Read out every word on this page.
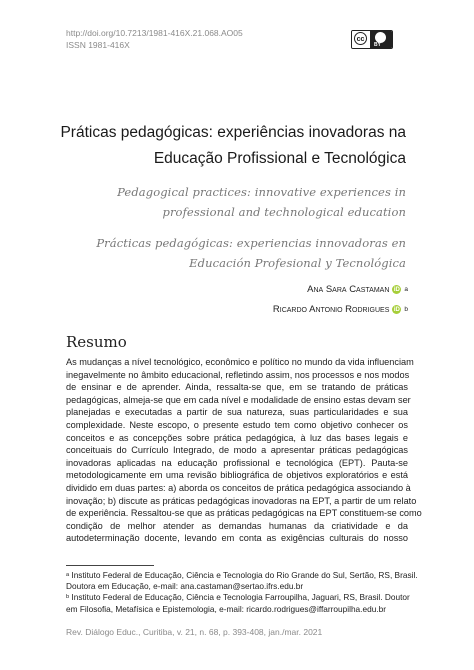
http://doi.org/10.7213/1981-416X.21.068.AO05
ISSN 1981-416X
cc
BY
Práticas pedagógicas: experiências inovadoras na
Educação Profissional e Tecnológica
Pedagogical practices: innovative experiences in
professional and technological education
Prácticas pedagógicas: experiencias innovadoras en
Educación Profesional y Tecnológica
Ana Sara Castaman iD a
Ricardo Antonio Rodrigues iD b
Resumo
As mudanças a nível tecnológico, econômico e político no mundo da vida influenciam
inegavelmente no âmbito educacional, refletindo assim, nos processos e nos modos
de ensinar e de aprender. Ainda, ressalta-se que, em se tratando de práticas
pedagógicas, almeja-se que em cada nível e modalidade de ensino estas devam ser
planejadas e executadas a partir de sua natureza, suas particularidades e sua
complexidade. Neste escopo, o presente estudo tem como objetivo conhecer os
conceitos e as concepções sobre prática pedagógica, à luz das bases legais e
conceituais do Currículo Integrado, de modo a apresentar práticas pedagógicas
inovadoras aplicadas na educação profissional e tecnológica (EPT). Pauta-se
metodologicamente em uma revisão bibliográfica de objetivos exploratórios e está
dividido em duas partes: a) aborda os conceitos de prática pedagógica associando à
inovação; b) discute as práticas pedagógicas inovadoras na EPT, a partir de um relato
de experiência. Ressaltou-se que as práticas pedagógicas na EPT constituem-se como
condição de melhor atender as demandas humanas da criatividade e da
autodeterminação docente, levando em conta as exigências culturais do nosso
ᵃ Instituto Federal de Educação, Ciência e Tecnologia do Rio Grande do Sul, Sertão, RS, Brasil.
Doutora em Educação, e-mail: ana.castaman@sertao.ifrs.edu.br
ᵇ Instituto Federal de Educação, Ciência e Tecnologia Farroupilha, Jaguari, RS, Brasil. Doutor
em Filosofia, Metafísica e Epistemologia, e-mail: ricardo.rodrigues@iffarroupilha.edu.br
Rev. Diálogo Educ., Curitiba, v. 21, n. 68, p. 393-408, jan./mar. 2021
